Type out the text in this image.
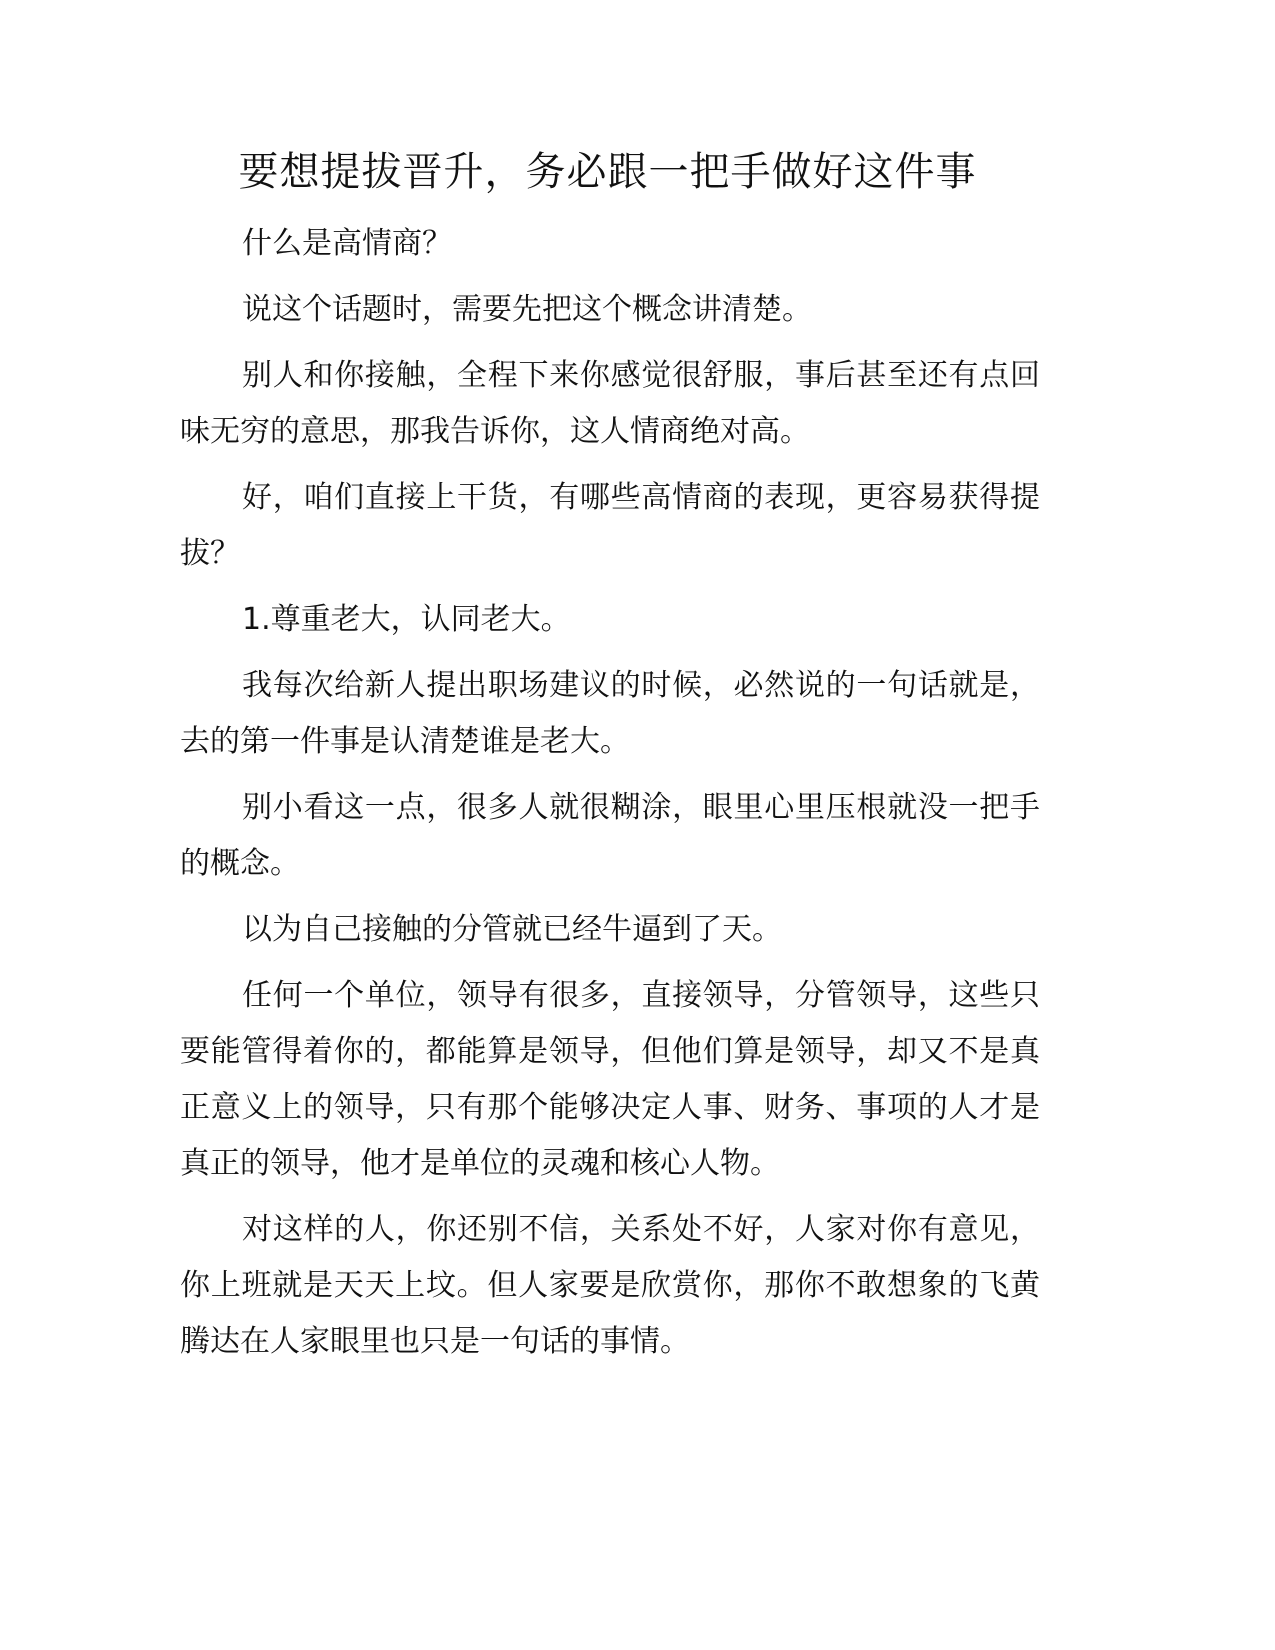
要想提拔晋升，务必跟一把手做好这件事

什么是高情商？

说这个话题时，需要先把这个概念讲清楚。

别人和你接触，全程下来你感觉很舒服，事后甚至还有点回味无穷的意思，那我告诉你，这人情商绝对高。

好，咱们直接上干货，有哪些高情商的表现，更容易获得提拔？

1.尊重老大，认同老大。

我每次给新人提出职场建议的时候，必然说的一句话就是，去的第一件事是认清楚谁是老大。

别小看这一点，很多人就很糊涂，眼里心里压根就没一把手的概念。

以为自己接触的分管就已经牛逼到了天。

任何一个单位，领导有很多，直接领导，分管领导，这些只要能管得着你的，都能算是领导，但他们算是领导，却又不是真正意义上的领导，只有那个能够决定人事、财务、事项的人才是真正的领导，他才是单位的灵魂和核心人物。

对这样的人，你还别不信，关系处不好，人家对你有意见，你上班就是天天上坟。但人家要是欣赏你，那你不敢想象的飞黄腾达在人家眼里也只是一句话的事情。
